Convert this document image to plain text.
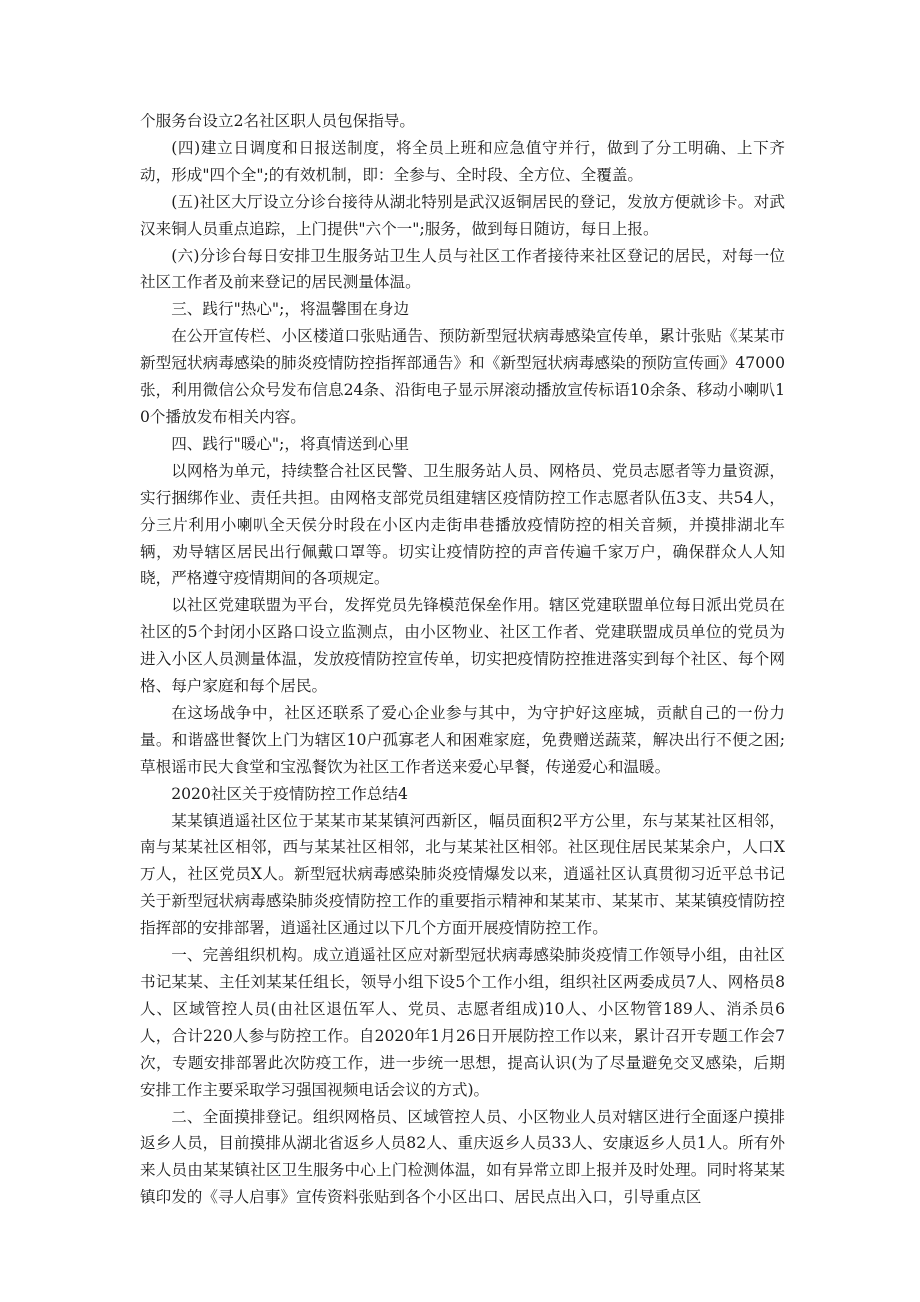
个服务台设立2名社区职人员包保指导。

(四)建立日调度和日报送制度，将全员上班和应急值守并行，做到了分工明确、上下齐动，形成"四个全";的有效机制，即：全参与、全时段、全方位、全覆盖。

(五)社区大厅设立分诊台接待从湖北特别是武汉返铜居民的登记，发放方便就诊卡。对武汉来铜人员重点追踪，上门提供"六个一";服务，做到每日随访，每日上报。

(六)分诊台每日安排卫生服务站卫生人员与社区工作者接待来社区登记的居民，对每一位社区工作者及前来登记的居民测量体温。

三、践行"热心";，将温馨围在身边

在公开宣传栏、小区楼道口张贴通告、预防新型冠状病毒感染宣传单，累计张贴《某某市新型冠状病毒感染的肺炎疫情防控指挥部通告》和《新型冠状病毒感染的预防宣传画》47000张，利用微信公众号发布信息24条、沿街电子显示屏滚动播放宣传标语10余条、移动小喇叭10个播放发布相关内容。

四、践行"暖心";，将真情送到心里

以网格为单元，持续整合社区民警、卫生服务站人员、网格员、党员志愿者等力量资源，实行捆绑作业、责任共担。由网格支部党员组建辖区疫情防控工作志愿者队伍3支、共54人，分三片利用小喇叭全天侯分时段在小区内走街串巷播放疫情防控的相关音频，并摸排湖北车辆，劝导辖区居民出行佩戴口罩等。切实让疫情防控的声音传遍千家万户，确保群众人人知晓，严格遵守疫情期间的各项规定。

以社区党建联盟为平台，发挥党员先锋模范保垒作用。辖区党建联盟单位每日派出党员在社区的5个封闭小区路口设立监测点，由小区物业、社区工作者、党建联盟成员单位的党员为进入小区人员测量体温，发放疫情防控宣传单，切实把疫情防控推进落实到每个社区、每个网格、每户家庭和每个居民。

在这场战争中，社区还联系了爱心企业参与其中，为守护好这座城，贡献自己的一份力量。和谐盛世餐饮上门为辖区10户孤寡老人和困难家庭，免费赠送蔬菜，解决出行不便之困;草根谣市民大食堂和宝泓餐饮为社区工作者送来爱心早餐，传递爱心和温暖。

2020社区关于疫情防控工作总结4

某某镇逍遥社区位于某某市某某镇河西新区，幅员面积2平方公里，东与某某社区相邻，南与某某社区相邻，西与某某社区相邻，北与某某社区相邻。社区现住居民某某余户，人口X万人，社区党员X人。新型冠状病毒感染肺炎疫情爆发以来，逍遥社区认真贯彻习近平总书记关于新型冠状病毒感染肺炎疫情防控工作的重要指示精神和某某市、某某市、某某镇疫情防控指挥部的安排部署，逍遥社区通过以下几个方面开展疫情防控工作。

一、完善组织机构。成立逍遥社区应对新型冠状病毒感染肺炎疫情工作领导小组，由社区书记某某、主任刘某某任组长，领导小组下设5个工作小组，组织社区两委成员7人、网格员8人、区域管控人员(由社区退伍军人、党员、志愿者组成)10人、小区物管189人、消杀员6人，合计220人参与防控工作。自2020年1月26日开展防控工作以来，累计召开专题工作会7次，专题安排部署此次防疫工作，进一步统一思想，提高认识(为了尽量避免交叉感染，后期安排工作主要采取学习强国视频电话会议的方式)。

二、全面摸排登记。组织网格员、区域管控人员、小区物业人员对辖区进行全面逐户摸排返乡人员，目前摸排从湖北省返乡人员82人、重庆返乡人员33人、安康返乡人员1人。所有外来人员由某某镇社区卫生服务中心上门检测体温，如有异常立即上报并及时处理。同时将某某镇印发的《寻人启事》宣传资料张贴到各个小区出口、居民点出入口，引导重点区
